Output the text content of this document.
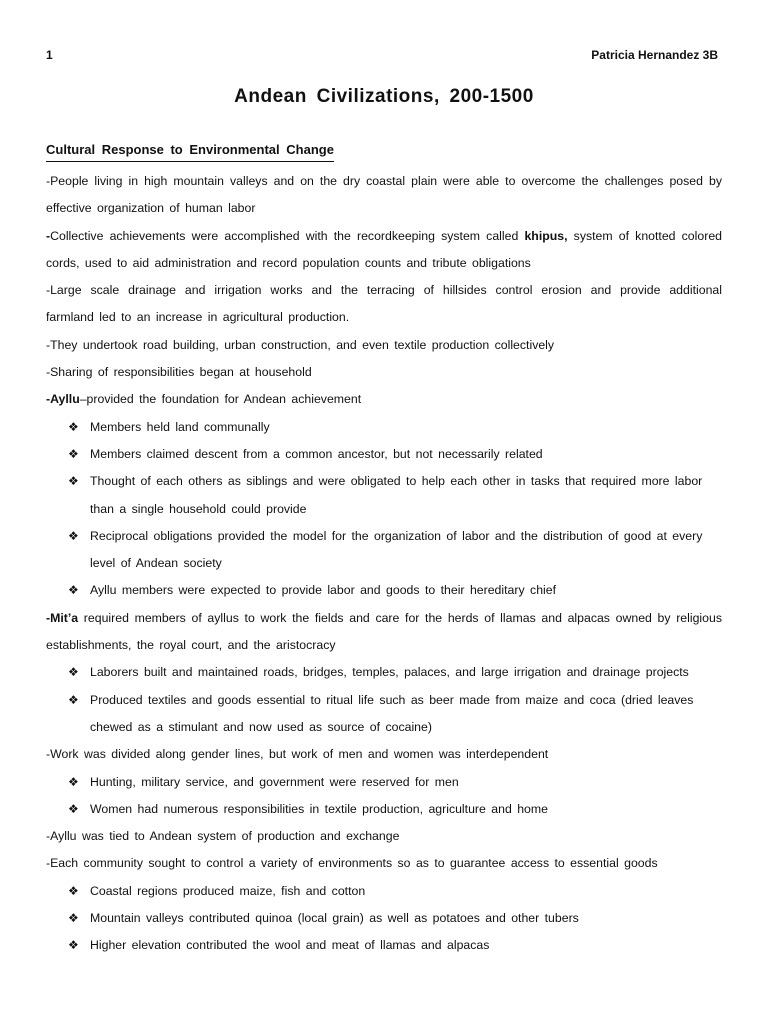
1	Patricia Hernandez 3B
Andean Civilizations, 200-1500
Cultural Response to Environmental Change
-People living in high mountain valleys and on the dry coastal plain were able to overcome the challenges posed by effective organization of human labor
-Collective achievements were accomplished with the recordkeeping system called khipus, system of knotted colored cords, used to aid administration and record population counts and tribute obligations
-Large scale drainage and irrigation works and the terracing of hillsides control erosion and provide additional farmland led to an increase in agricultural production.
-They undertook road building, urban construction, and even textile production collectively
-Sharing of responsibilities began at household
-Ayllu–provided the foundation for Andean achievement
❖ Members held land communally
❖ Members claimed descent from a common ancestor, but not necessarily related
❖ Thought of each others as siblings and were obligated to help each other in tasks that required more labor than a single household could provide
❖ Reciprocal obligations provided the model for the organization of labor and the distribution of good at every level of Andean society
❖ Ayllu members were expected to provide labor and goods to their hereditary chief
-Mit’a required members of ayllus to work the fields and care for the herds of llamas and alpacas owned by religious establishments, the royal court, and the aristocracy
❖ Laborers built and maintained roads, bridges, temples, palaces, and large irrigation and drainage projects
❖ Produced textiles and goods essential to ritual life such as beer made from maize and coca (dried leaves chewed as a stimulant and now used as source of cocaine)
-Work was divided along gender lines, but work of men and women was interdependent
❖ Hunting, military service, and government were reserved for men
❖ Women had numerous responsibilities in textile production, agriculture and home
-Ayllu was tied to Andean system of production and exchange
-Each community sought to control a variety of environments so as to guarantee access to essential goods
❖ Coastal regions produced maize, fish and cotton
❖ Mountain valleys contributed quinoa (local grain) as well as potatoes and other tubers
❖ Higher elevation contributed the wool and meat of llamas and alpacas
